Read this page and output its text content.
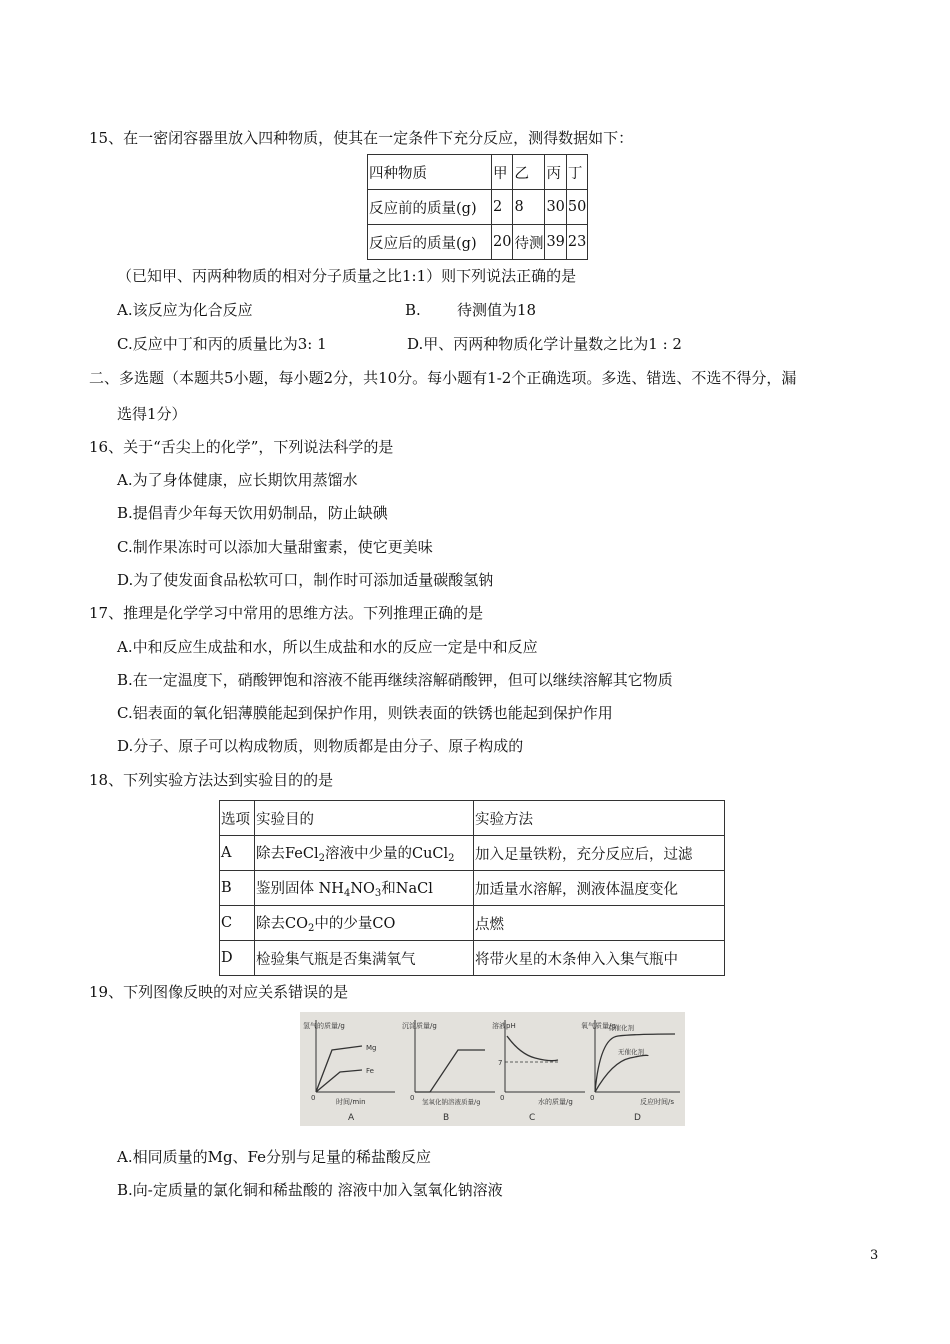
15、在一密闭容器里放入四种物质，使其在一定条件下充分反应，测得数据如下：
四种物质	甲	乙	丙	丁
反应前的质量(g)	2	8	30	50
反应后的质量(g)	20	待测	39	23
（已知甲、丙两种物质的相对分子质量之比1:1）则下列说法正确的是
A.该反应为化合反应	B. 待测值为18
C.反应中丁和丙的质量比为3: 1	D.甲、丙两种物质化学计量数之比为1 : 2
二、多选题（本题共5小题，每小题2分，共10分。每小题有1-2个正确选项。多选、错选、不选不得分，漏
选得1分）
16、关于“舌尖上的化学”，下列说法科学的是
A.为了身体健康，应长期饮用蒸馏水
B.提倡青少年每天饮用奶制品，防止缺碘
C.制作果冻时可以添加大量甜蜜素，使它更美味
D.为了使发面食品松软可口，制作时可添加适量碳酸氢钠
17、推理是化学学习中常用的思维方法。下列推理正确的是
A.中和反应生成盐和水，所以生成盐和水的反应一定是中和反应
B.在一定温度下，硝酸钾饱和溶液不能再继续溶解硝酸钾，但可以继续溶解其它物质
C.铝表面的氧化铝薄膜能起到保护作用，则铁表面的铁锈也能起到保护作用
D.分子、原子可以构成物质，则物质都是由分子、原子构成的
18、下列实验方法达到实验目的的是
选项	实验目的	实验方法
A	除去FeCl$_2$溶液中少量的CuCl$_2$	加入足量铁粉，充分反应后，过滤
B	鉴别固体 $NH_4NO_3$和NaCl	加适量水溶解，测液体温度变化
C	除去$CO_2$中的少量CO	点燃
D	检验集气瓶是否集满氧气	将带火星的木条伸入入集气瓶中
19、下列图像反映的对应关系错误的是
氢气的质量/g
Mg
Fe
0	时间/min
A
沉淀质量/g
0 氢氧化钠溶液质量/g
B
溶液pH
7
0	水的质量/g
C
氧气质量/g
有催化剂
无催化剂
0	反应时间/s
D
A.相同质量的Mg、Fe分别与足量的稀盐酸反应
B.向-定质量的氯化铜和稀盐酸的 溶液中加入氢氧化钠溶液
3
